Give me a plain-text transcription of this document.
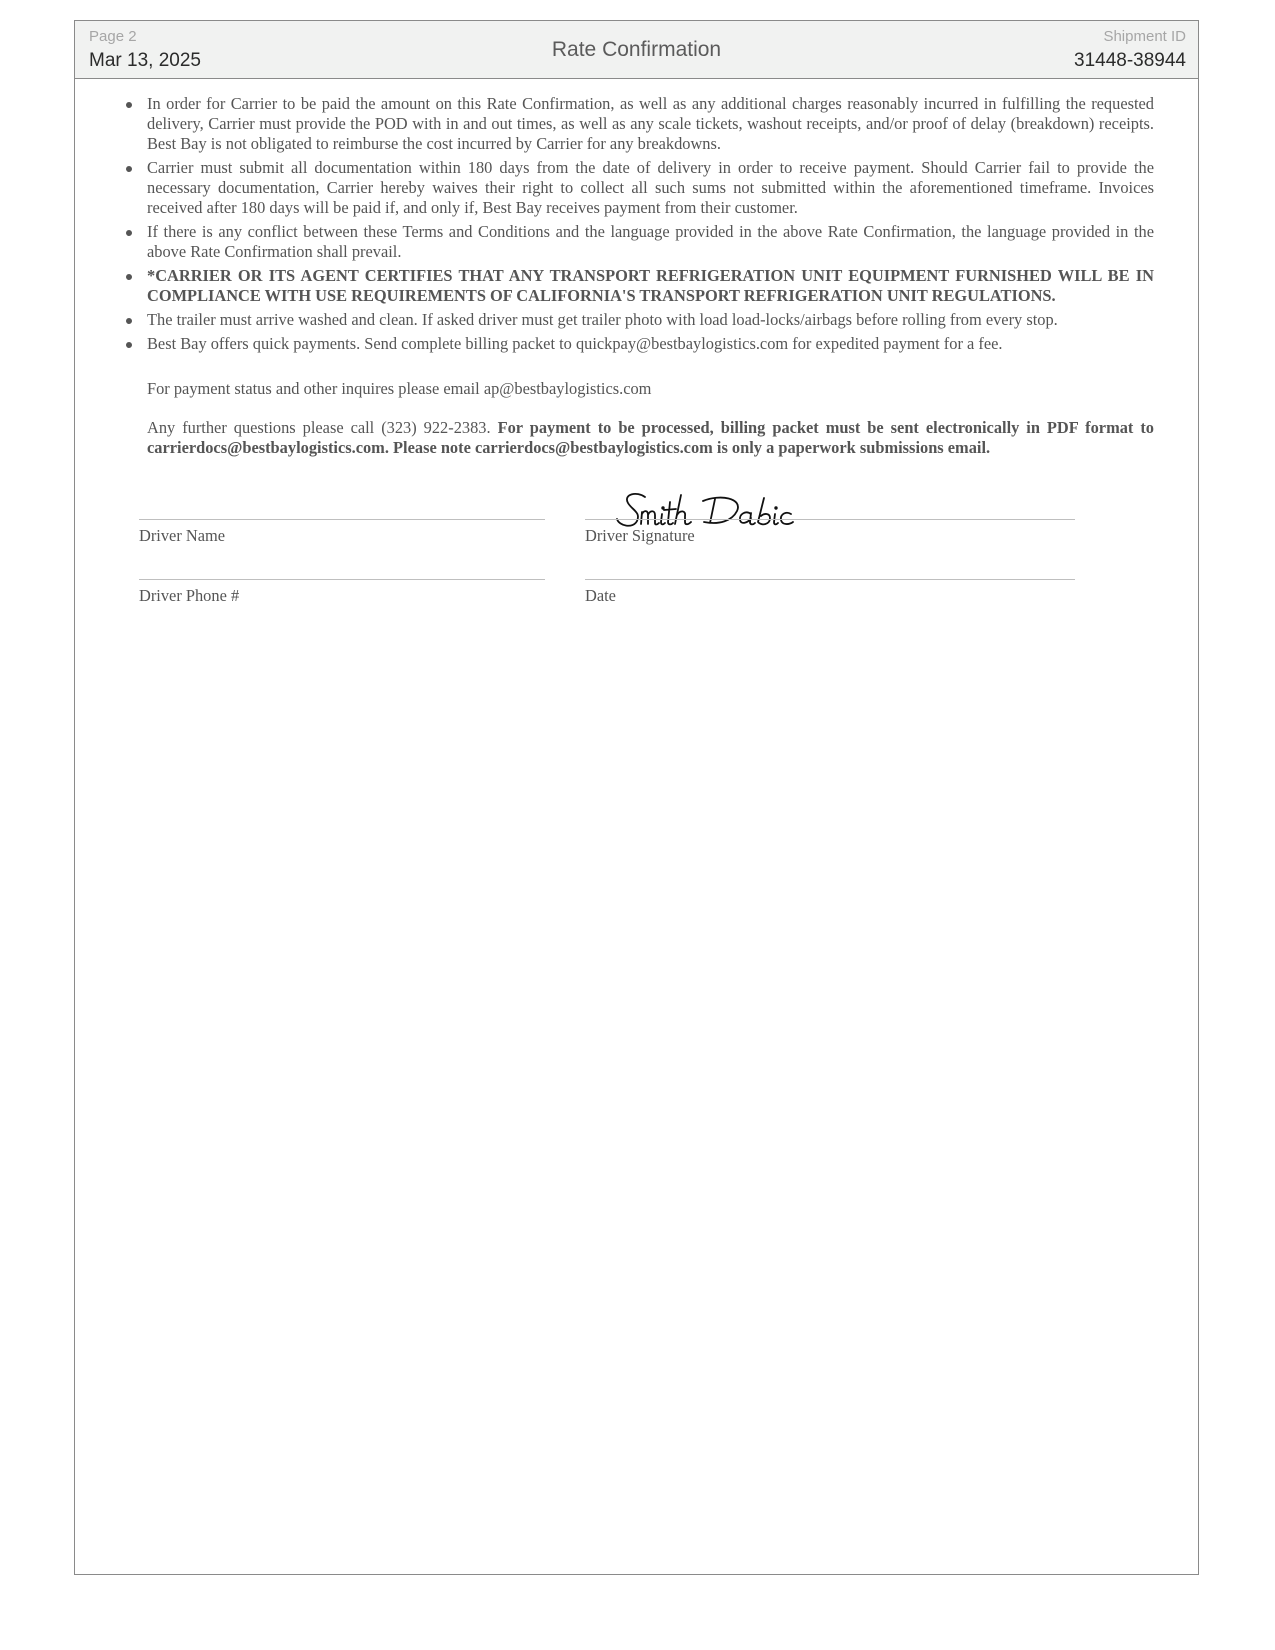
Page 2
Mar 13, 2025	Rate Confirmation
Shipment ID
31448-38944
In order for Carrier to be paid the amount on this Rate Confirmation, as well as any additional charges reasonably incurred in fulfilling the requested delivery, Carrier must provide the POD with in and out times, as well as any scale tickets, washout receipts, and/or proof of delay (breakdown) receipts. Best Bay is not obligated to reimburse the cost incurred by Carrier for any breakdowns.
Carrier must submit all documentation within 180 days from the date of delivery in order to receive payment. Should Carrier fail to provide the necessary documentation, Carrier hereby waives their right to collect all such sums not submitted within the aforementioned timeframe. Invoices received after 180 days will be paid if, and only if, Best Bay receives payment from their customer.
If there is any conflict between these Terms and Conditions and the language provided in the above Rate Confirmation, the language provided in the above Rate Confirmation shall prevail.
*CARRIER OR ITS AGENT CERTIFIES THAT ANY TRANSPORT REFRIGERATION UNIT EQUIPMENT FURNISHED WILL BE IN COMPLIANCE WITH USE REQUIREMENTS OF CALIFORNIA'S TRANSPORT REFRIGERATION UNIT REGULATIONS.
The trailer must arrive washed and clean. If asked driver must get trailer photo with load load-locks/airbags before rolling from every stop.
Best Bay offers quick payments. Send complete billing packet to quickpay@bestbaylogistics.com for expedited payment for a fee.
For payment status and other inquires please email ap@bestbaylogistics.com
Any further questions please call (323) 922-2383. For payment to be processed, billing packet must be sent electronically in PDF format to carrierdocs@bestbaylogistics.com. Please note carrierdocs@bestbaylogistics.com is only a paperwork submissions email.
Driver Name	Driver Signature
Driver Phone #	Date
